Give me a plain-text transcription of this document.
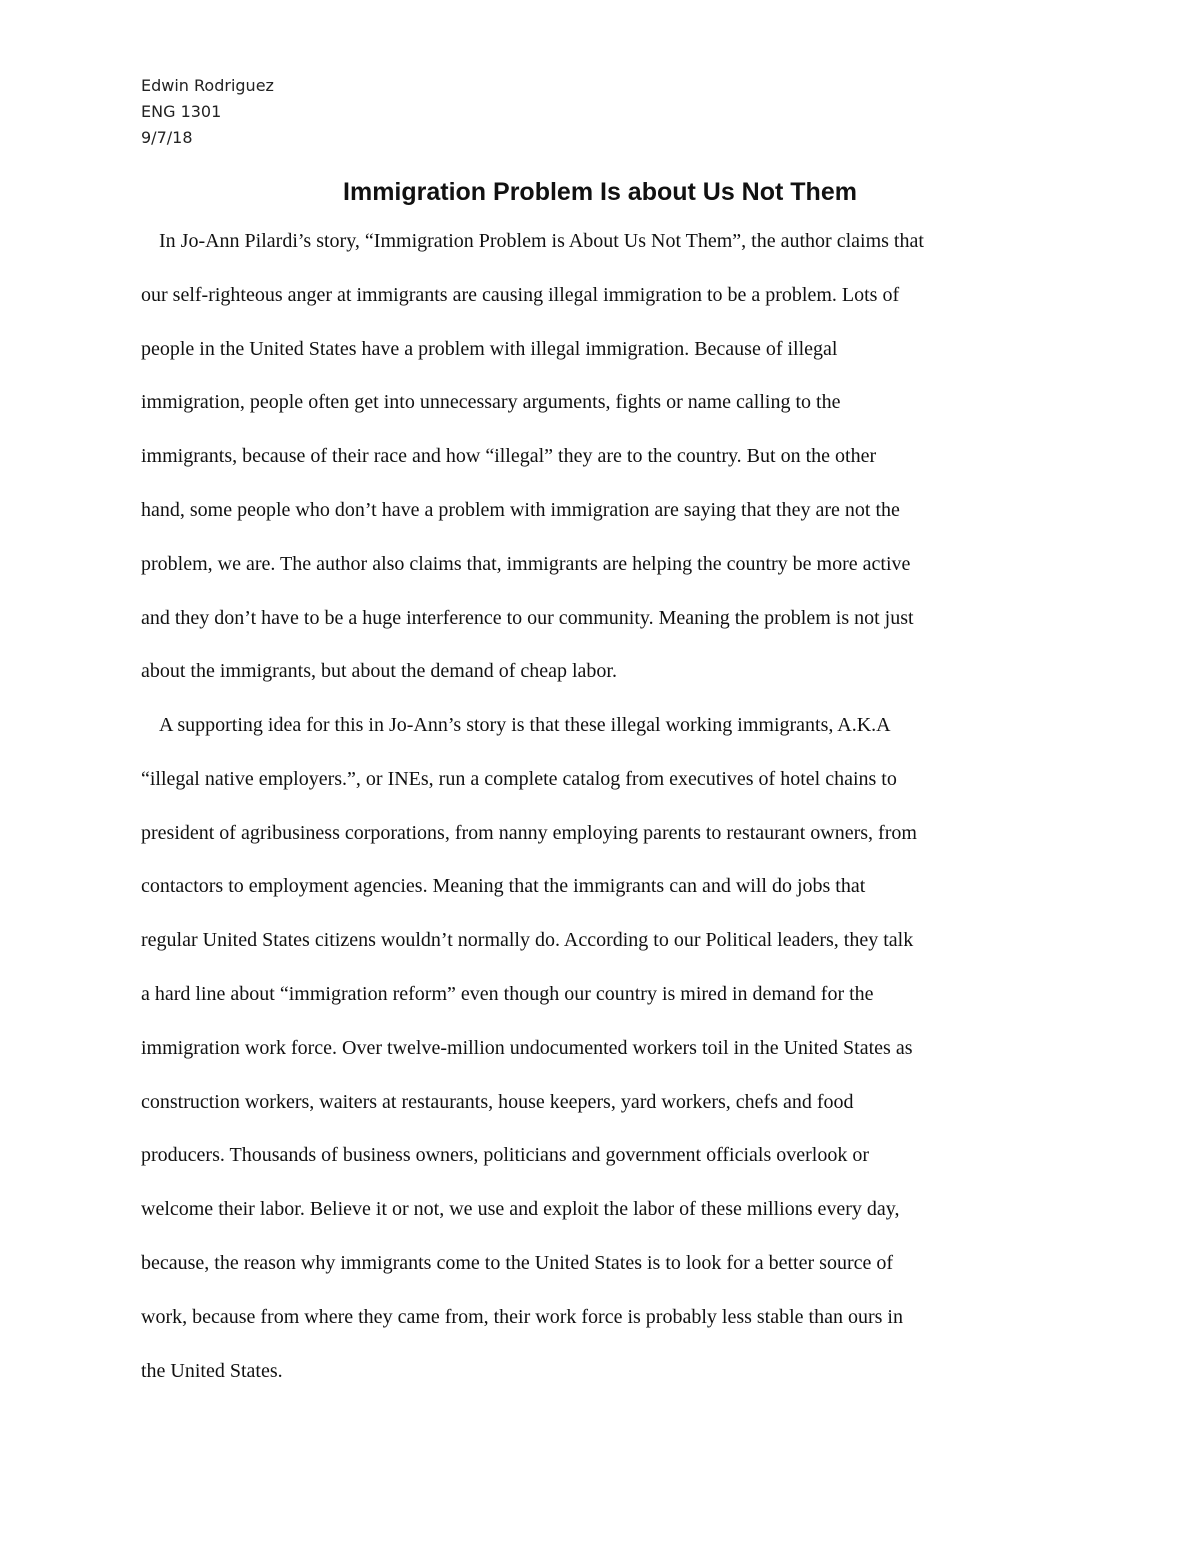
Edwin Rodriguez
ENG 1301
9/7/18
Immigration Problem Is about Us Not Them
In Jo-Ann Pilardi’s story, “Immigration Problem is About Us Not Them”, the author claims that
our self-righteous anger at immigrants are causing illegal immigration to be a problem. Lots of
people in the United States have a problem with illegal immigration. Because of illegal
immigration, people often get into unnecessary arguments, fights or name calling to the
immigrants, because of their race and how “illegal” they are to the country. But on the other
hand, some people who don’t have a problem with immigration are saying that they are not the
problem, we are. The author also claims that, immigrants are helping the country be more active
and they don’t have to be a huge interference to our community. Meaning the problem is not just
about the immigrants, but about the demand of cheap labor.
A supporting idea for this in Jo-Ann’s story is that these illegal working immigrants, A.K.A
“illegal native employers.”, or INEs, run a complete catalog from executives of hotel chains to
president of agribusiness corporations, from nanny employing parents to restaurant owners, from
contactors to employment agencies. Meaning that the immigrants can and will do jobs that
regular United States citizens wouldn’t normally do. According to our Political leaders, they talk
a hard line about “immigration reform” even though our country is mired in demand for the
immigration work force. Over twelve-million undocumented workers toil in the United States as
construction workers, waiters at restaurants, house keepers, yard workers, chefs and food
producers. Thousands of business owners, politicians and government officials overlook or
welcome their labor. Believe it or not, we use and exploit the labor of these millions every day,
because, the reason why immigrants come to the United States is to look for a better source of
work, because from where they came from, their work force is probably less stable than ours in
the United States.
